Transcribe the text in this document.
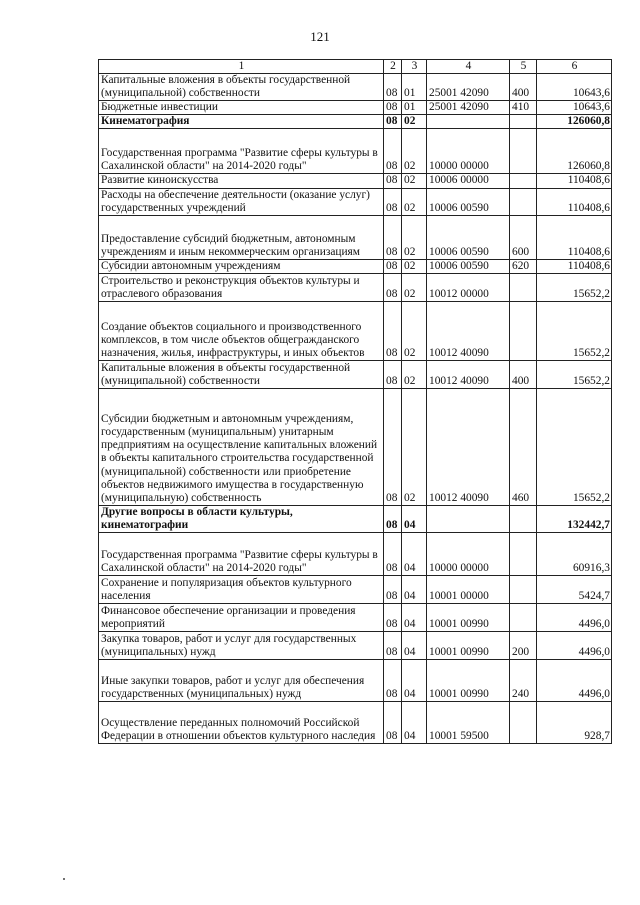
121
1	2	3	4	5	6
Капитальные вложения в объекты государственной (муниципальной) собственности	08	01	25001 42090	400	10643,6
Бюджетные инвестиции	08	01	25001 42090	410	10643,6
Кинематография	08	02			126060,8
Государственная программа "Развитие сферы культуры в Сахалинской области" на 2014-2020 годы"	08	02	10000 00000		126060,8
Развитие киноискусства	08	02	10006 00000		110408,6
Расходы на обеспечение деятельности (оказание услуг) государственных учреждений	08	02	10006 00590		110408,6
Предоставление субсидий бюджетным, автономным учреждениям и иным некоммерческим организациям	08	02	10006 00590	600	110408,6
Субсидии автономным учреждениям	08	02	10006 00590	620	110408,6
Строительство и реконструкция объектов культуры и отраслевого образования	08	02	10012 00000		15652,2
Создание объектов социального и производственного комплексов, в том числе объектов общегражданского назначения, жилья, инфраструктуры, и иных объектов	08	02	10012 40090		15652,2
Капитальные вложения в объекты государственной (муниципальной) собственности	08	02	10012 40090	400	15652,2
Субсидии бюджетным и автономным учреждениям, государственным (муниципальным) унитарным предприятиям на осуществление капитальных вложений в объекты капитального строительства государственной (муниципальной) собственности или приобретение объектов недвижимого имущества в государственную (муниципальную) собственность	08	02	10012 40090	460	15652,2
Другие вопросы в области культуры, кинематографии	08	04			132442,7
Государственная программа "Развитие сферы культуры в Сахалинской области" на 2014-2020 годы"	08	04	10000 00000		60916,3
Сохранение и популяризация объектов культурного населения	08	04	10001 00000		5424,7
Финансовое обеспечение организации и проведения мероприятий	08	04	10001 00990		4496,0
Закупка товаров, работ и услуг для государственных (муниципальных) нужд	08	04	10001 00990	200	4496,0
Иные закупки товаров, работ и услуг для обеспечения государственных (муниципальных) нужд	08	04	10001 00990	240	4496,0
Осуществление переданных полномочий Российской Федерации в отношении объектов культурного наследия	08	04	10001 59500		928,7
